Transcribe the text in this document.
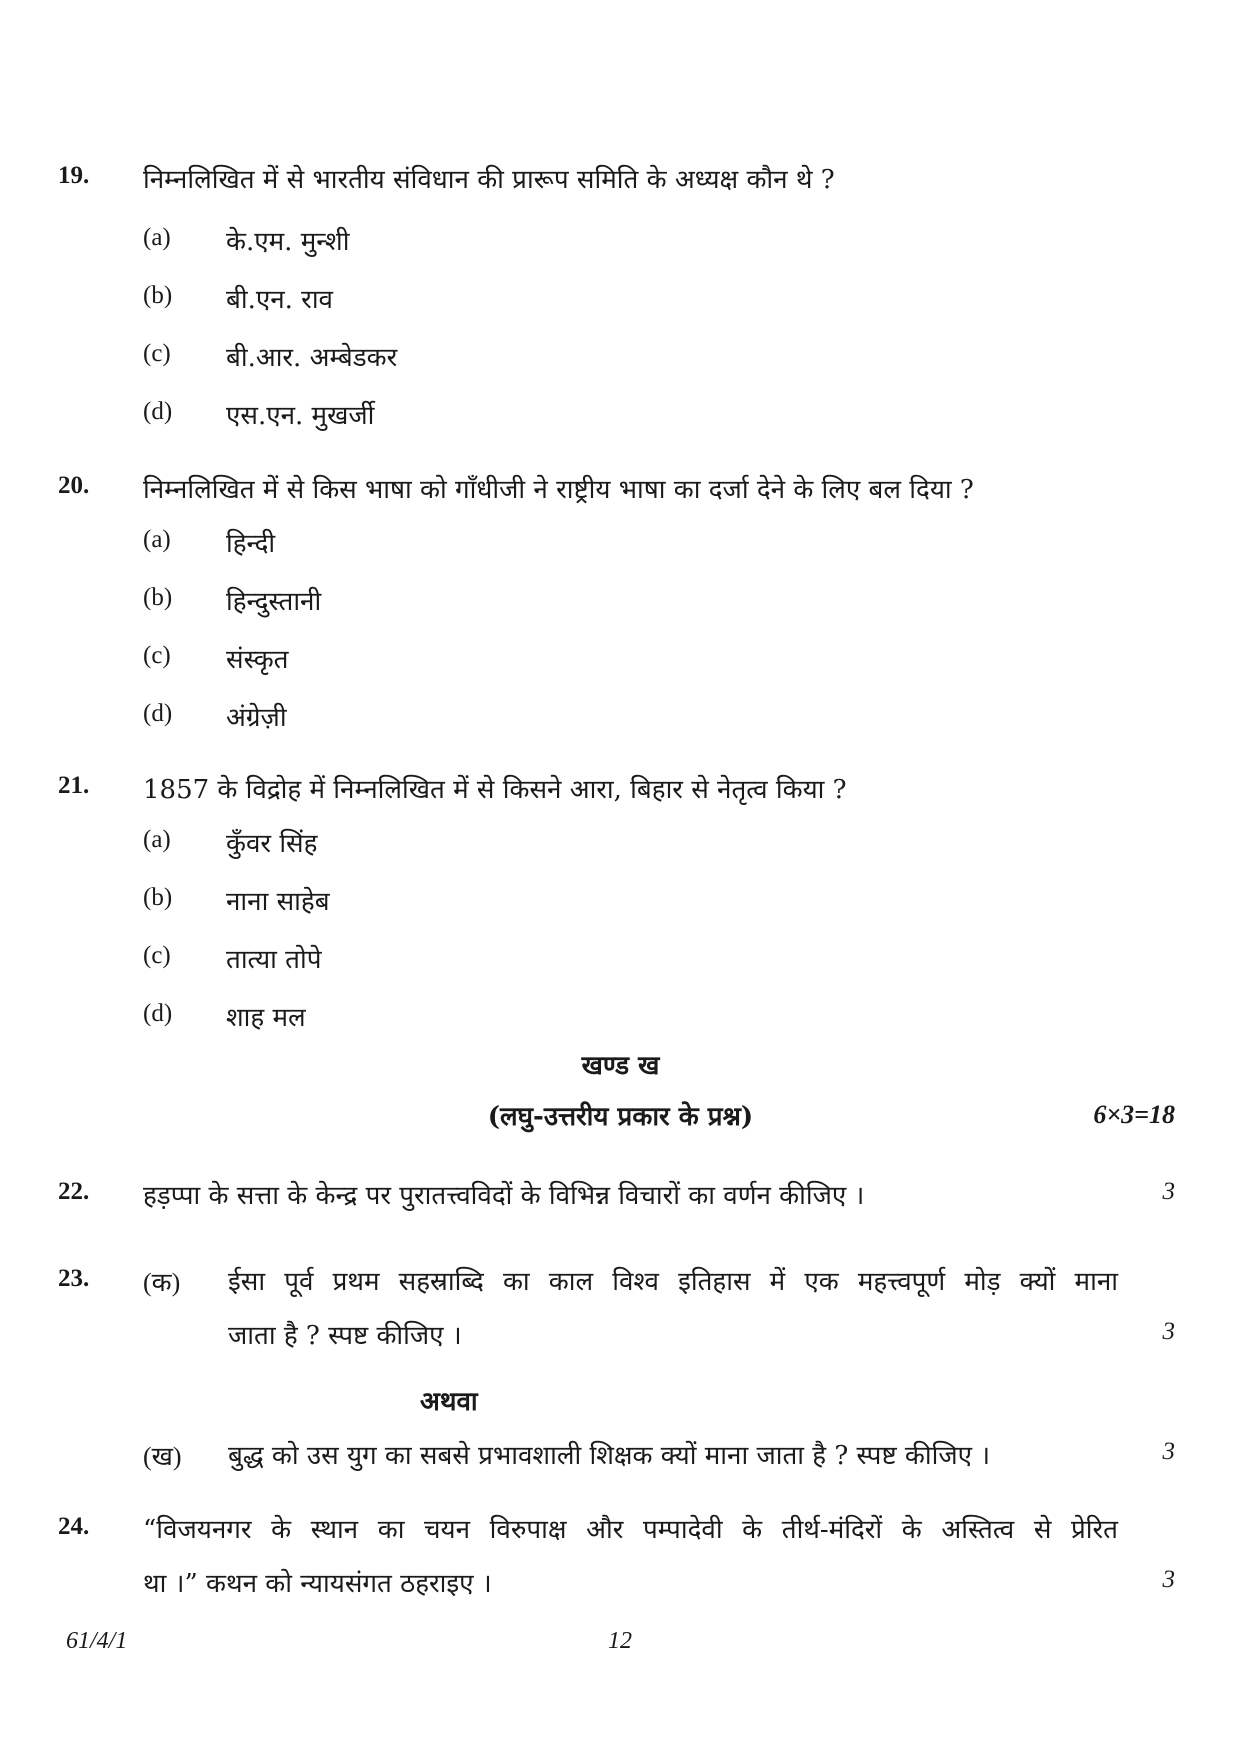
19. निम्नलिखित में से भारतीय संविधान की प्रारूप समिति के अध्यक्ष कौन थे ?
(a) के.एम. मुन्शी
(b) बी.एन. राव
(c) बी.आर. अम्बेडकर
(d) एस.एन. मुखर्जी
20. निम्नलिखित में से किस भाषा को गाँधीजी ने राष्ट्रीय भाषा का दर्जा देने के लिए बल दिया ?
(a) हिन्दी
(b) हिन्दुस्तानी
(c) संस्कृत
(d) अंग्रेज़ी
21. 1857 के विद्रोह में निम्नलिखित में से किसने आरा, बिहार से नेतृत्व किया ?
(a) कुँवर सिंह
(b) नाना साहेब
(c) तात्या तोपे
(d) शाह मल
खण्ड ख
(लघु-उत्तरीय प्रकार के प्रश्न)	6×3=18
22. हड़प्पा के सत्ता के केन्द्र पर पुरातत्त्वविदों के विभिन्न विचारों का वर्णन कीजिए ।	3
23. (क) ईसा पूर्व प्रथम सहस्राब्दि का काल विश्व इतिहास में एक महत्त्वपूर्ण मोड़ क्यों माना
जाता है ? स्पष्ट कीजिए ।	3
अथवा
(ख) बुद्ध को उस युग का सबसे प्रभावशाली शिक्षक क्यों माना जाता है ? स्पष्ट कीजिए ।	3
24. “विजयनगर के स्थान का चयन विरुपाक्ष और पम्पादेवी के तीर्थ-मंदिरों के अस्तित्व से प्रेरित
था ।” कथन को न्यायसंगत ठहराइए ।	3
61/4/1	12
